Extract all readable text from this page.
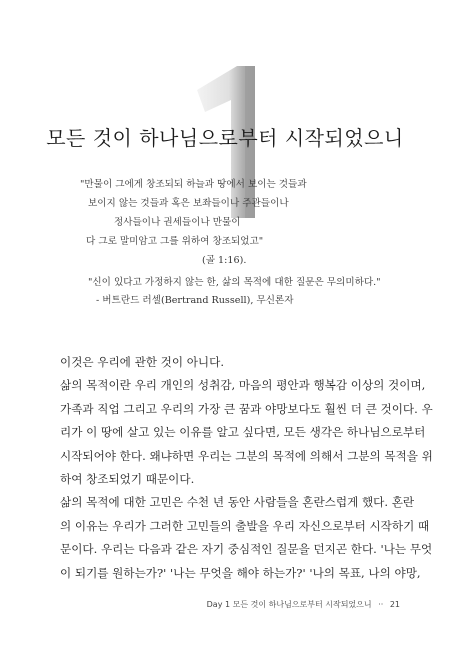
모든 것이 하나님으로부터 시작되었으니
"만물이 그에게 창조되되 하늘과 땅에서 보이는 것들과
보이지 않는 것들과 혹은 보좌들이나 주관들이나
정사들이나 권세들이나 만물이
다 그로 말미암고 그를 위하여 창조되었고"
(골 1:16).
"신이 있다고 가정하지 않는 한, 삶의 목적에 대한 질문은 무의미하다."
- 버트란드 러셀(Bertrand Russell), 무신론자
이것은 우리에 관한 것이 아니다.
삶의 목적이란 우리 개인의 성취감, 마음의 평안과 행복감 이상의 것이며,
가족과 직업 그리고 우리의 가장 큰 꿈과 야망보다도 훨씬 더 큰 것이다. 우
리가 이 땅에 살고 있는 이유를 알고 싶다면, 모든 생각은 하나님으로부터
시작되어야 한다. 왜냐하면 우리는 그분의 목적에 의해서 그분의 목적을 위
하여 창조되었기 때문이다.
삶의 목적에 대한 고민은 수천 년 동안 사람들을 혼란스럽게 했다. 혼란
의 이유는 우리가 그러한 고민들의 출발을 우리 자신으로부터 시작하기 때
문이다. 우리는 다음과 같은 자기 중심적인 질문을 던지곤 한다. '나는 무엇
이 되기를 원하는가?' '나는 무엇을 해야 하는가?' '나의 목표, 나의 야망,
Day 1 모든 것이 하나님으로부터 시작되었으니 ·· 21
